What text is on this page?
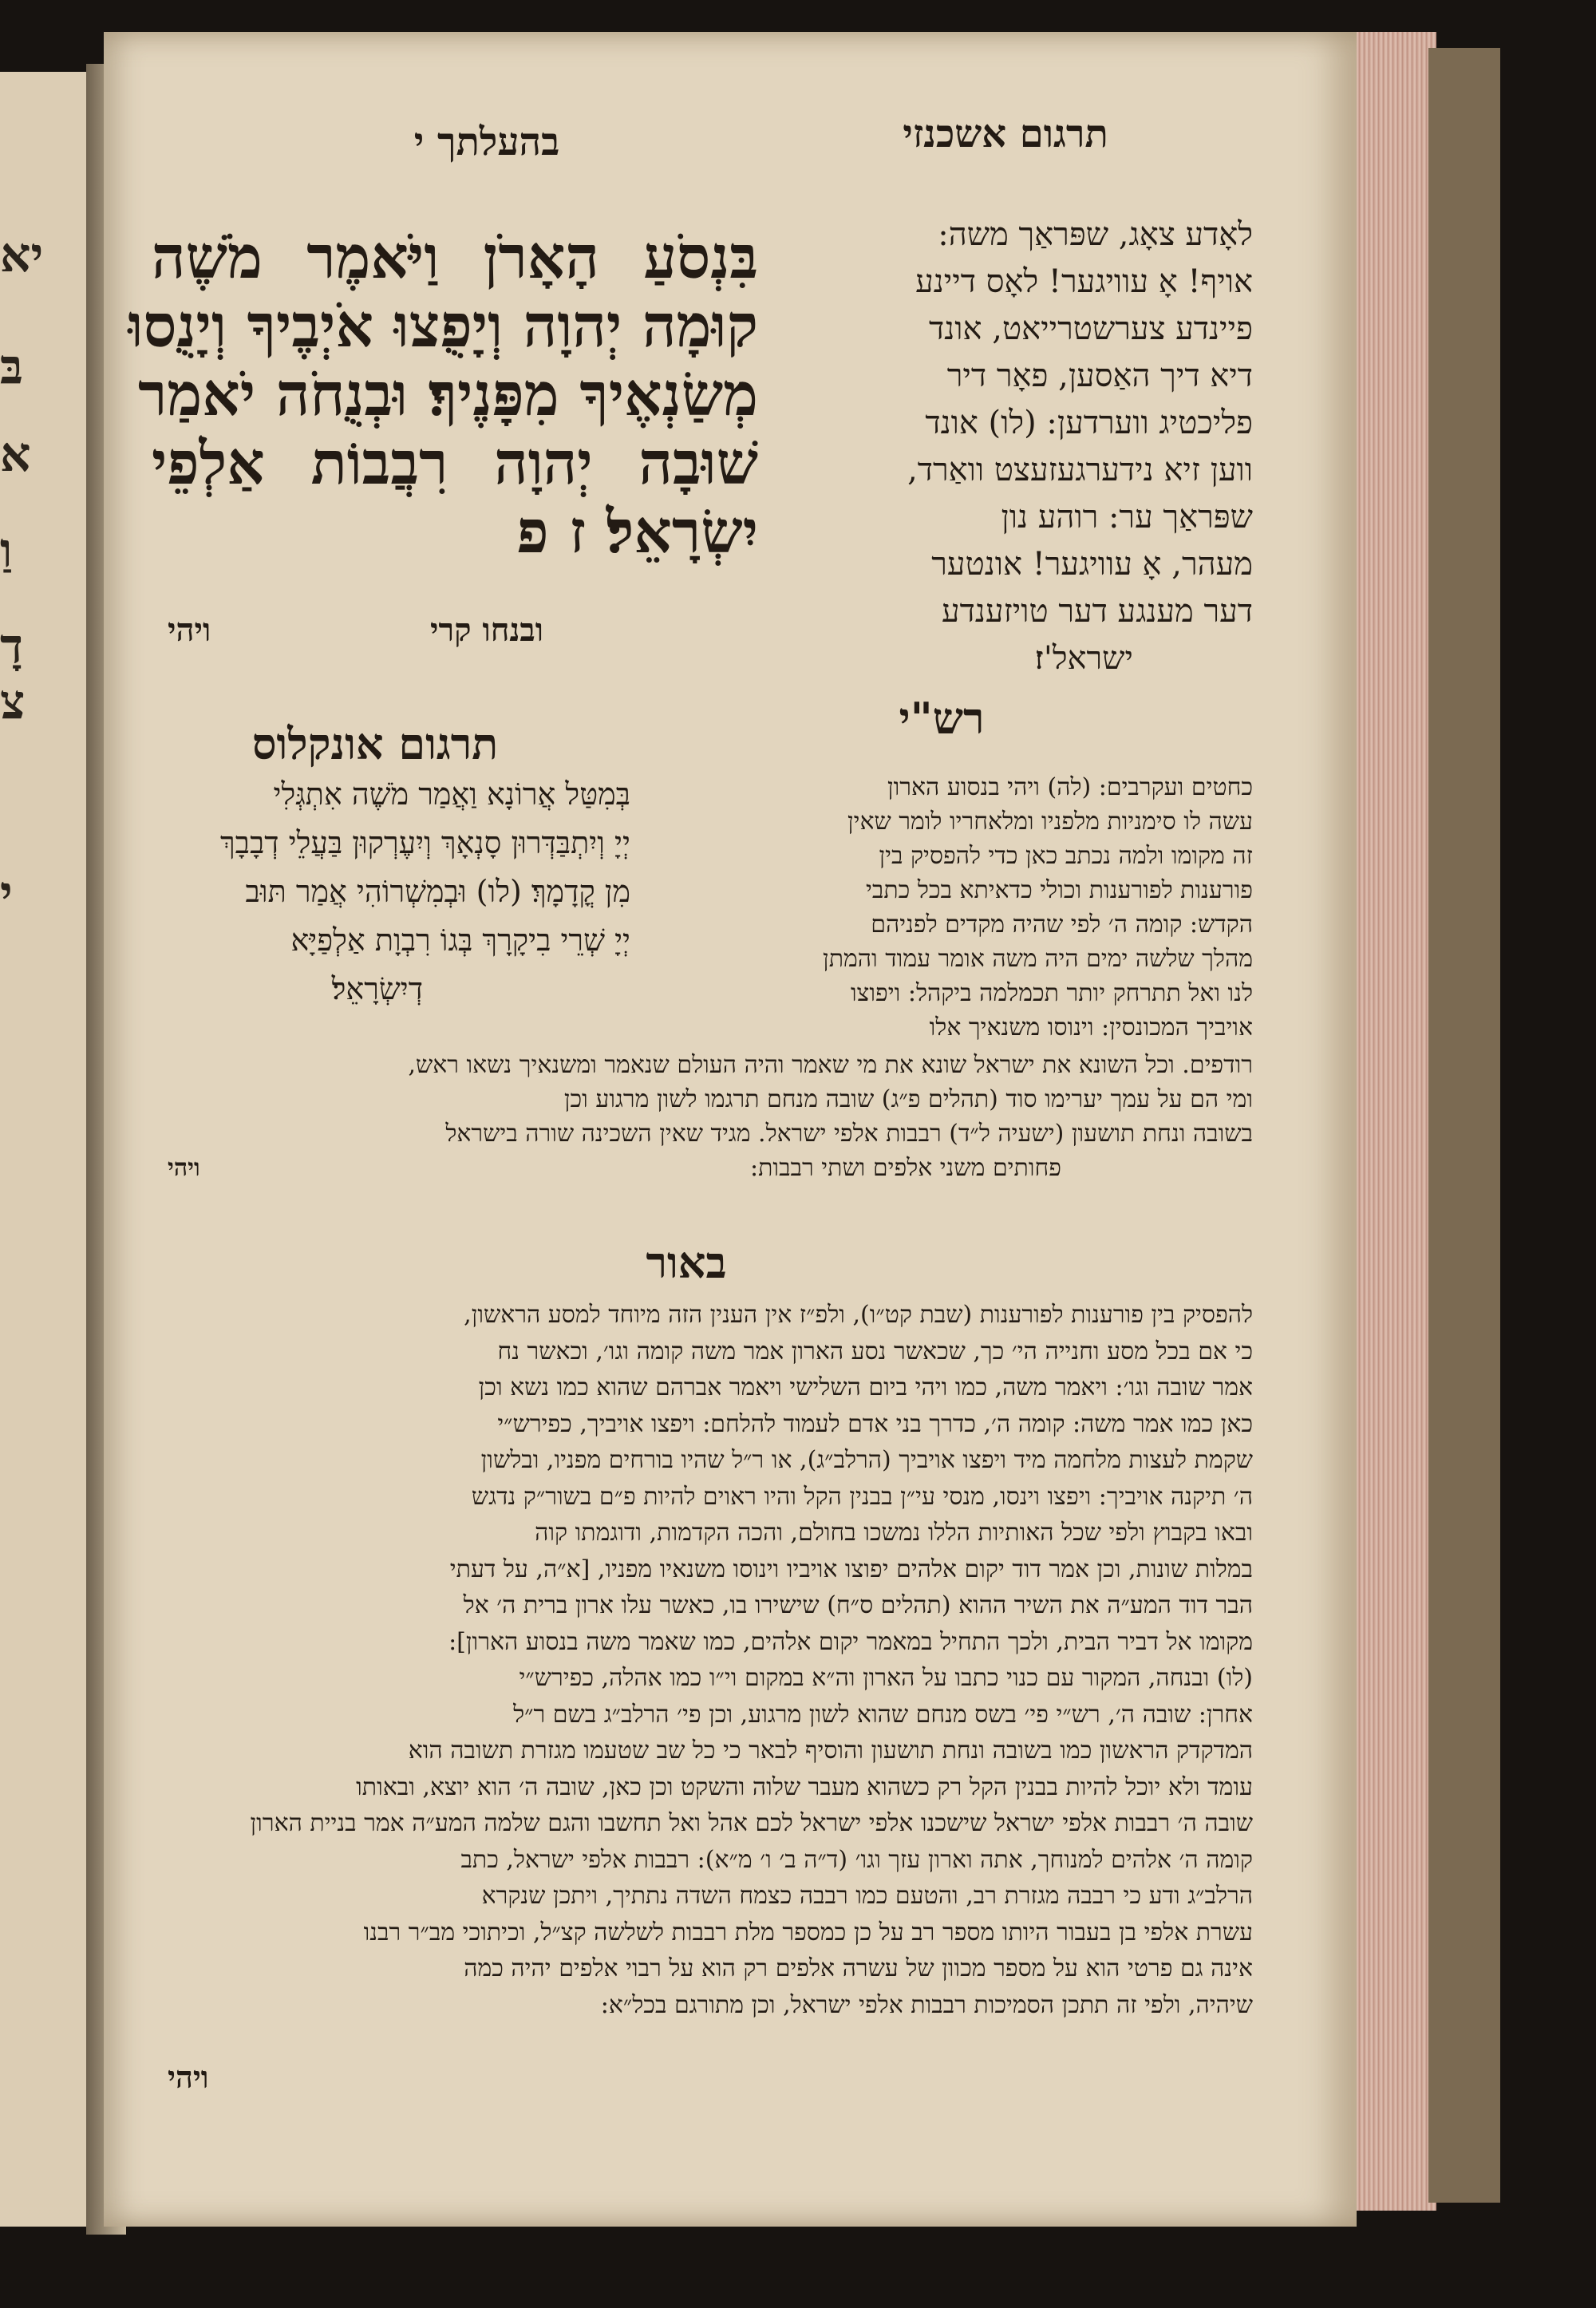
יא
בּ
א
וַ
דָ
צ
י
בהעלתך י	תרגום אשכנזי
בִּנְסֹעַ הָאָרֹן וַיֹּאמֶר מֹשֶׁה
קוּמָה יְהוָה וְיָפֻצוּ אֹיְבֶיךָ וְיָנֻסוּ
מְשַׂנְאֶיךָ מִפָּנֶיךָ׃ וּבְנֻחֹה יֹאמַר
שׁוּבָה יְהוָה רִבֲבוֹת אַלְפֵי
יִשְׂרָאֵל׃ ז פ
ויהי	ובנחו קרי
לאָדע צאָג, שפּראַך משה:
אויף! אָ עוויגער! לאָס דיינע
פיינדע צערשטרייאט, אונד
דיא דיך האַסען, פאָר דיר
פליכטיג ווערדען: (לו) אונד
ווען זיא נידערגעזעצט וואַרד,
שפּראַך ער: רוהע נון
מעהר, אָ עוויגער! אונטער
דער מענגע דער טויזענדע
ישראל'ז׃
רש"י
תרגום אונקלוס
כחטים ועקרבים: (לה) ויהי בנסוע הארון
עשה לו סימניות מלפניו ומלאחריו לומר שאין
זה מקומו ולמה נכתב כאן כדי להפסיק בין
פורענות לפורענות וכולי כדאיתא בכל כתבי
הקדש: קומה ה׳ לפי שהיה מקדים לפניהם
מהלך שלשה ימים היה משה אומר עמוד והמתן
לנו ואל תתרחק יותר תכמלמה ביקהל: ויפוצו
אויביך המכונסין: וינוסו משנאיך אלו
בְּמִטַּל אֲרוֹנָא וַאֲמַר מֹשֶׁה אִתְגְּלִי
יְיָ וְיִתְבַּדְּרוּן סָנְאָךְ וְיִעֶרְקוּן בַּעֲלֵי דְבָבָךְ
מִן קֳדָמָךְ׃ (לו) וּבְמִשְׁרוֹהִי אֲמַר תּוּב
יְיָ שְׁרֵי בִיקָרָךְ בְּגוֹ רִבְוָת אַלְפַיָּא
דְיִשְׂרָאֵל׃
רודפים. וכל השונא את ישראל שונא את מי שאמר והיה העולם שנאמר ומשנאיך נשאו ראש,
ומי הם על עמך יערימו סוד (תהלים פ״ג) שובה מנחם תרגמו לשון מרגוע וכן
בשובה ונחת תושעון (ישעיה ל״ד) רבבות אלפי ישראל. מגיד שאין השכינה שורה בישראל
פחותים משני אלפים ושתי רבבות:
ויהי
באור
להפסיק בין פורענות לפורענות (שבת קט״ו), ולפ״ז אין הענין הזה מיוחד למסע הראשון,
כי אם בכל מסע וחנייה הי׳ כך, שכאשר נסע הארון אמר משה קומה וגו׳, וכאשר נח
אמר שובה וגו׳: ויאמר משה, כמו ויהי ביום השלישי ויאמר אברהם שהוא כמו נשא וכן
כאן כמו אמר משה: קומה ה׳, כדרך בני אדם לעמוד להלחם: ויפצו אויביך, כפירש״י
שקמת לעצות מלחמה מיד ויפצו אויביך (הרלב״ג), או ר״ל שהיו בורחים מפניו, ובלשון
ה׳ תיקנה אויביך: ויפצו וינסו, מנסי עי״ן בבנין הקל והיו ראוים להיות פ״ם בשור״ק נדגש
ובאו בקבוץ ולפי שכל האותיות הללו נמשכו בחולם, והכה הקדמות, ודוגמתו קוה
במלות שונות, וכן אמר דוד יקום אלהים יפוצו אויביו וינוסו משנאיו מפניו, [א״ה, על דעתי
הבר דוד המע״ה את השיר ההוא (תהלים ס״ח) שישירו בו, כאשר עלו ארון ברית ה׳ אל
מקומו אל דביר הבית, ולכך התחיל במאמר יקום אלהים, כמו שאמר משה בנסוע הארון]:
(לו) ובנחה, המקור עם כנוי כתבו על הארון וה״א במקום וי״ו כמו אהלה, כפירש״י
אחרן: שובה ה׳, רש״י פי׳ בשס מנחם שהוא לשון מרגוע, וכן פי׳ הרלב״ג בשם ר״ל
המדקדק הראשון כמו בשובה ונחת תושעון והוסיף לבאר כי כל שב שטעמו מגזרת תשובה הוא
עומד ולא יוכל להיות בבנין הקל רק כשהוא מעבר שלוה והשקט וכן כאן, שובה ה׳ הוא יוצא, ובאותו
שובה ה׳ רבבות אלפי ישראל שישכנו אלפי ישראל לכם אהל ואל תחשבו והגם שלמה המע״ה אמר בניית הארון
קומה ה׳ אלהים למנוחך, אתה וארון עזך וגו׳ (ד״ה ב׳ ו׳ מ״א): רבבות אלפי ישראל, כתב
הרלב״ג ודע כי רבבה מגזרת רב, והטעם כמו רבבה כצמח השדה נתתיך, ויתכן שנקרא
עשרת אלפי בן בעבור היותו מספר רב על כן כמספר מלת רבבות לשלשה קצ״ל, וכיתוכי מב״ר רבנו
אינה גם פרטי הוא על מספר מכוון של עשרה אלפים רק הוא על רבוי אלפים יהיה כמה
שיהיה, ולפי זה תתכן הסמיכות רבבות אלפי ישראל, וכן מתורגם בכל״א:
ויהי
